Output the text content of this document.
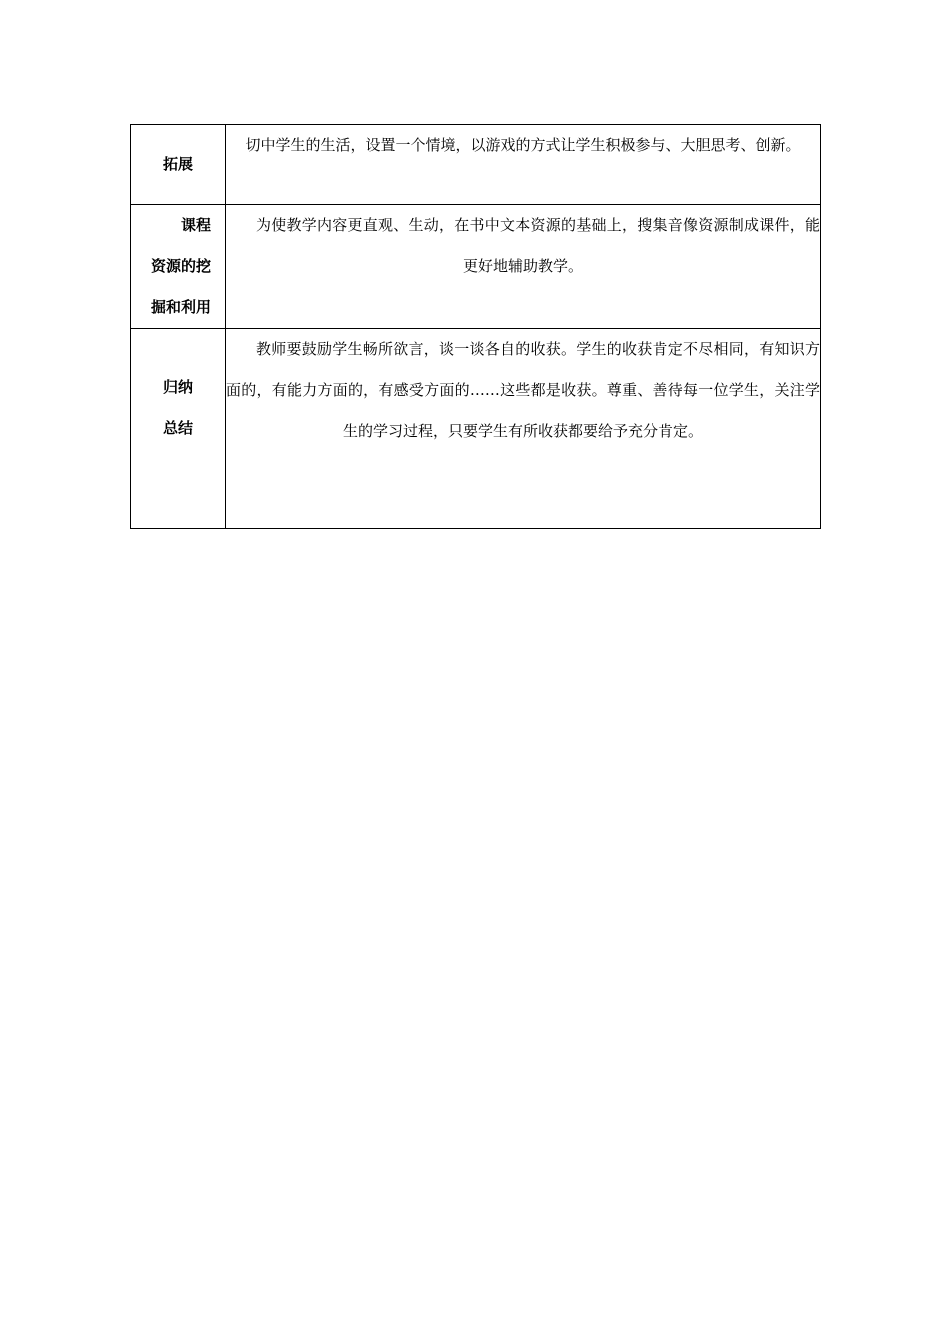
拓展	切中学生的生活，设置一个情境，以游戏的方式让学生积极参与、大胆思考、创新。

课程
资源的挖
掘和利用	为使教学内容更直观、生动，在书中文本资源的基础上，搜集音像资源制成课件，能更好地辅助教学。

归纳
总结	教师要鼓励学生畅所欲言，谈一谈各自的收获。学生的收获肯定不尽相同，有知识方面的，有能力方面的，有感受方面的……这些都是收获。尊重、善待每一位学生，关注学生的学习过程，只要学生有所收获都要给予充分肯定。
